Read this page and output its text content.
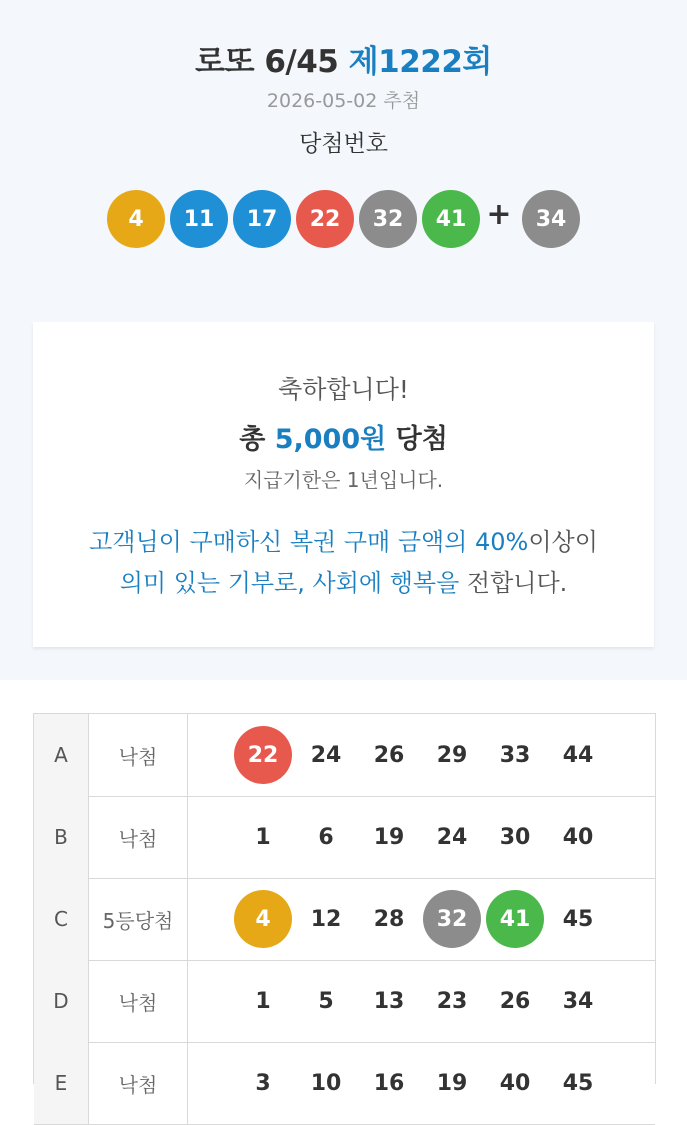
로또 6/45 제1222회
2026-05-02 추첨
당첨번호
4	11	17	22	32	41 +	34
축하합니다!
총 5,000원 당첨
지급기한은 1년입니다.
고객님이 구매하신 복권 구매 금액의 40%이상이
의미 있는 기부로, 사회에 행복을 전합니다.
A	낙첨	22	24	26	29	33	44
B	낙첨	1	6	19	24	30	40
C	5등당첨	4	12	28	32	41	45
D	낙첨	1	5	13	23	26	34
E	낙첨	3	10	16	19	40	45
